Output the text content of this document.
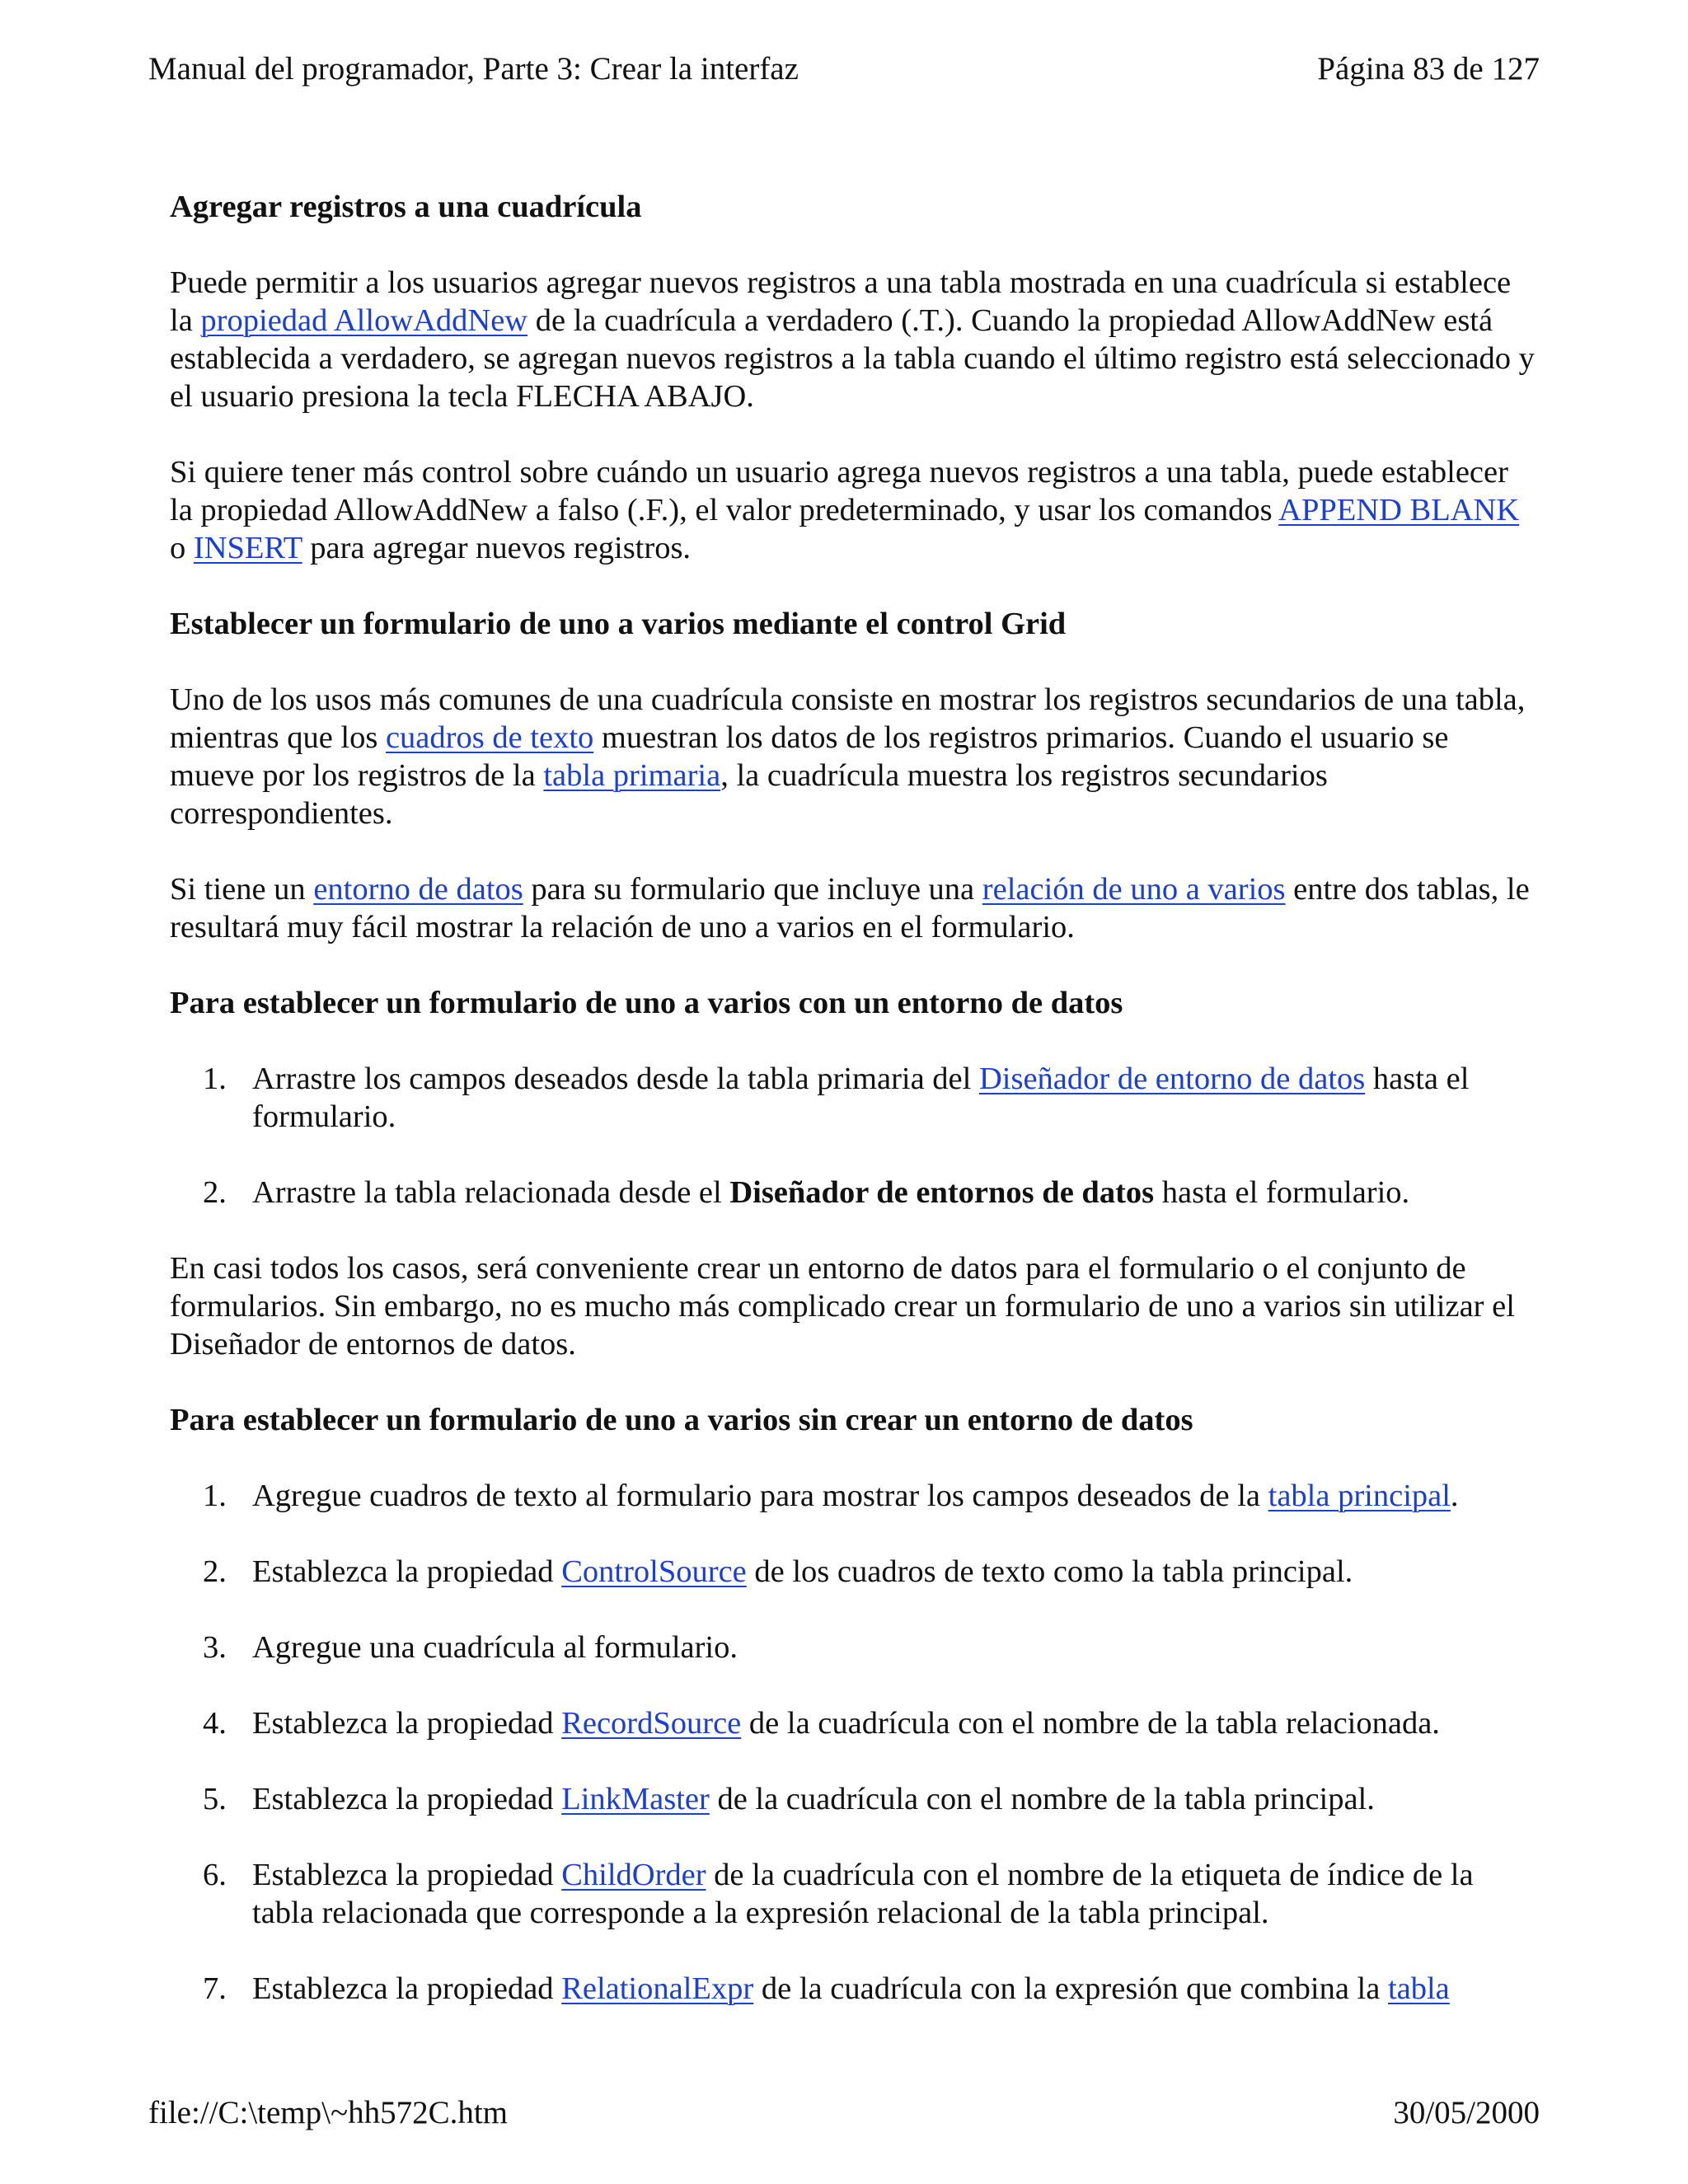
Manual del programador, Parte 3: Crear la interfaz	Página 83 de 127
Agregar registros a una cuadrícula

Puede permitir a los usuarios agregar nuevos registros a una tabla mostrada en una cuadrícula si establece la propiedad AllowAddNew de la cuadrícula a verdadero (.T.). Cuando la propiedad AllowAddNew está establecida a verdadero, se agregan nuevos registros a la tabla cuando el último registro está seleccionado y el usuario presiona la tecla FLECHA ABAJO.

Si quiere tener más control sobre cuándo un usuario agrega nuevos registros a una tabla, puede establecer la propiedad AllowAddNew a falso (.F.), el valor predeterminado, y usar los comandos APPEND BLANK o INSERT para agregar nuevos registros.

Establecer un formulario de uno a varios mediante el control Grid

Uno de los usos más comunes de una cuadrícula consiste en mostrar los registros secundarios de una tabla, mientras que los cuadros de texto muestran los datos de los registros primarios. Cuando el usuario se mueve por los registros de la tabla primaria, la cuadrícula muestra los registros secundarios correspondientes.

Si tiene un entorno de datos para su formulario que incluye una relación de uno a varios entre dos tablas, le resultará muy fácil mostrar la relación de uno a varios en el formulario.

Para establecer un formulario de uno a varios con un entorno de datos
1. Arrastre los campos deseados desde la tabla primaria del Diseñador de entorno de datos hasta el formulario.
2. Arrastre la tabla relacionada desde el Diseñador de entornos de datos hasta el formulario.

En casi todos los casos, será conveniente crear un entorno de datos para el formulario o el conjunto de formularios. Sin embargo, no es mucho más complicado crear un formulario de uno a varios sin utilizar el Diseñador de entornos de datos.

Para establecer un formulario de uno a varios sin crear un entorno de datos
1. Agregue cuadros de texto al formulario para mostrar los campos deseados de la tabla principal.
2. Establezca la propiedad ControlSource de los cuadros de texto como la tabla principal.
3. Agregue una cuadrícula al formulario.
4. Establezca la propiedad RecordSource de la cuadrícula con el nombre de la tabla relacionada.
5. Establezca la propiedad LinkMaster de la cuadrícula con el nombre de la tabla principal.
6. Establezca la propiedad ChildOrder de la cuadrícula con el nombre de la etiqueta de índice de la tabla relacionada que corresponde a la expresión relacional de la tabla principal.
7. Establezca la propiedad RelationalExpr de la cuadrícula con la expresión que combina la tabla
file://C:\temp\~hh572C.htm	30/05/2000
